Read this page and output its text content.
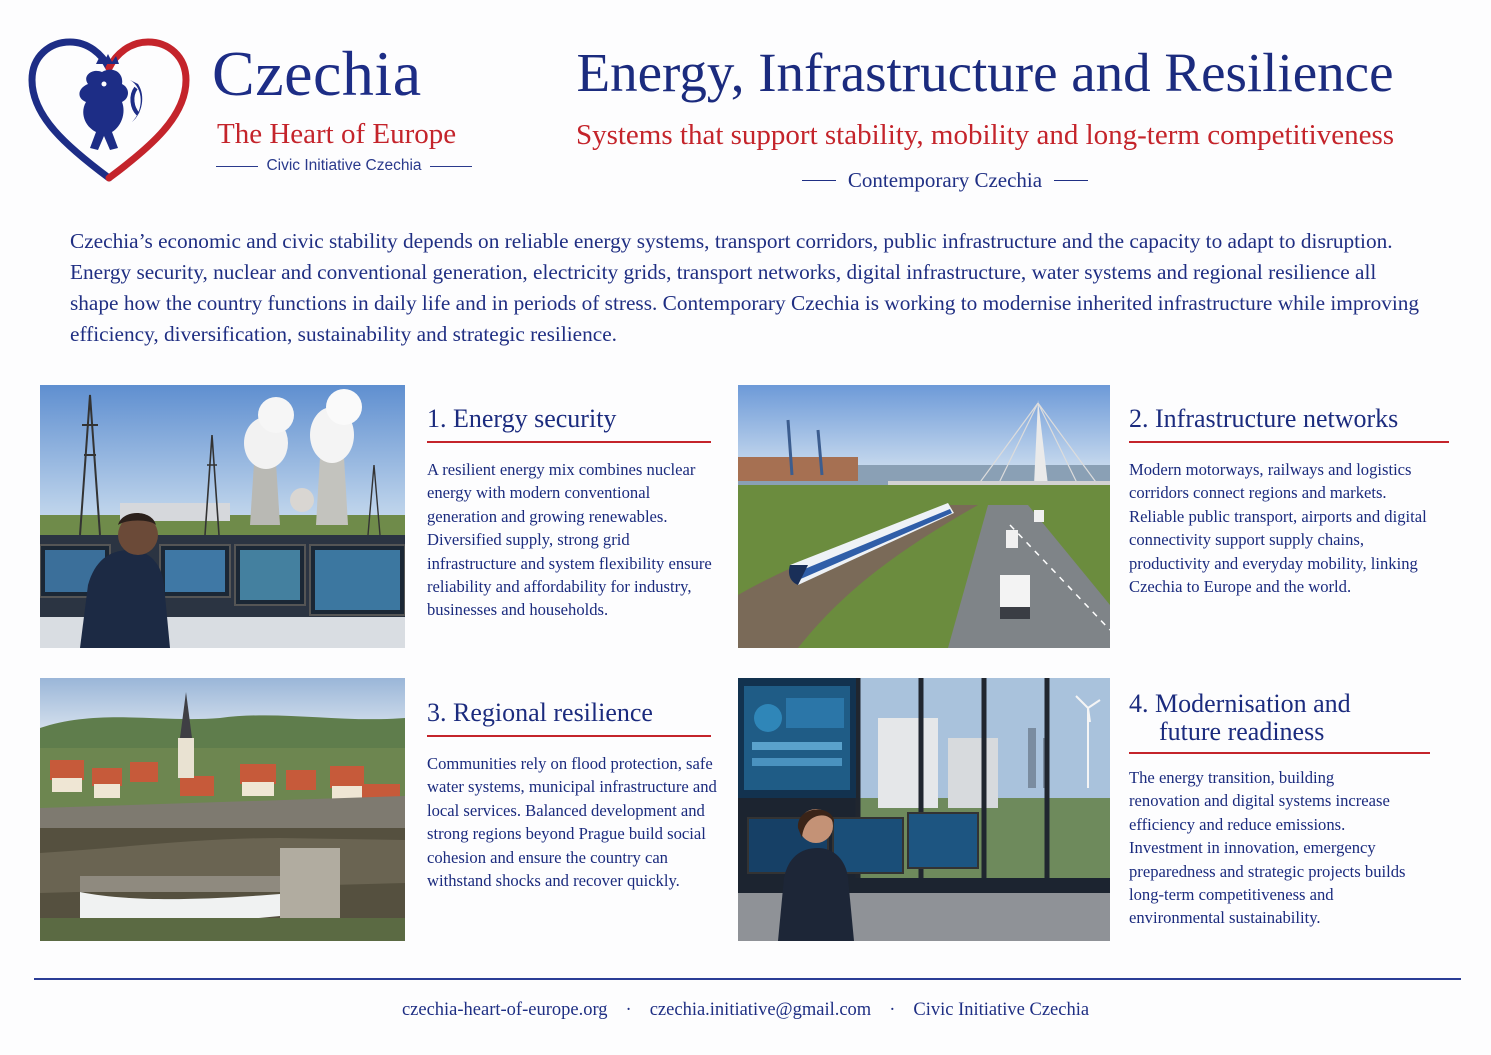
Czechia
The Heart of Europe
Civic Initiative Czechia
Energy, Infrastructure and Resilience
Systems that support stability, mobility and long-term competitiveness
Contemporary Czechia

Czechia’s economic and civic stability depends on reliable energy systems, transport corridors, public infrastructure and the capacity to adapt to disruption. Energy security, nuclear and conventional generation, electricity grids, transport networks, digital infrastructure, water systems and regional resilience all shape how the country functions in daily life and in periods of stress. Contemporary Czechia is working to modernise inherited infrastructure while improving efficiency, diversification, sustainability and strategic resilience.

1. Energy security

A resilient energy mix combines nuclear energy with modern conventional generation and growing renewables. Diversified supply, strong grid infrastructure and system flexibility ensure reliability and affordability for industry, businesses and households.

2. Infrastructure networks

Modern motorways, railways and logistics corridors connect regions and markets. Reliable public transport, airports and digital connectivity support supply chains, productivity and everyday mobility, linking Czechia to Europe and the world.

3. Regional resilience

Communities rely on flood protection, safe water systems, municipal infrastructure and local services. Balanced development and strong regions beyond Prague build social cohesion and ensure the country can withstand shocks and recover quickly.

4. Modernisation and
future readiness

The energy transition, building renovation and digital systems increase efficiency and reduce emissions. Investment in innovation, emergency preparedness and strategic projects builds long-term competitiveness and environmental sustainability.

czechia-heart-of-europe.org · czechia.initiative@gmail.com · Civic Initiative Czechia
